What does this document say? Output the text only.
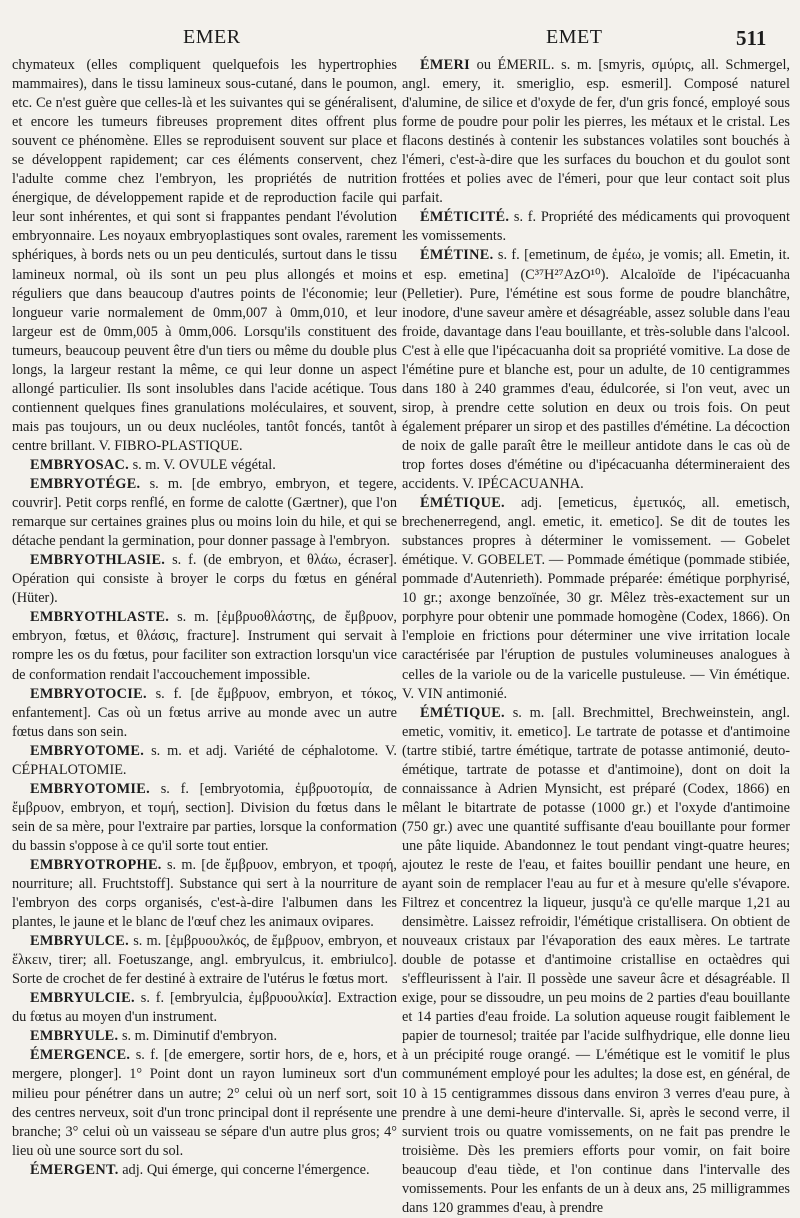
EMER	EMET	511

chymateux (elles compliquent quelquefois les hypertrophies mammaires), dans le tissu lamineux sous-cutané, dans le poumon, etc. Ce n'est guère que celles-là et les suivantes qui se généralisent, et encore les tumeurs fibreuses proprement dites offrent plus souvent ce phénomène. Elles se reproduisent souvent sur place et se développent rapidement; car ces éléments conservent, chez l'adulte comme chez l'embryon, les propriétés de nutrition énergique, de développement rapide et de reproduction facile qui leur sont inhérentes, et qui sont si frappantes pendant l'évolution embryonnaire. Les noyaux embryoplastiques sont ovales, rarement sphériques, à bords nets ou un peu denticulés, surtout dans le tissu lamineux normal, où ils sont un peu plus allongés et moins réguliers que dans beaucoup d'autres points de l'économie; leur longueur varie normalement de 0mm,007 à 0mm,010, et leur largeur est de 0mm,005 à 0mm,006. Lorsqu'ils constituent des tumeurs, beaucoup peuvent être d'un tiers ou même du double plus longs, la largeur restant la même, ce qui leur donne un aspect allongé particulier. Ils sont insolubles dans l'acide acétique. Tous contiennent quelques fines granulations moléculaires, et souvent, mais pas toujours, un ou deux nucléoles, tantôt foncés, tantôt à centre brillant. V. FIBRO-PLASTIQUE.

EMBRYOSAC. s. m. V. OVULE végétal.

EMBRYOTÉGE. s. m. [de embryo, embryon, et tegere, couvrir]. Petit corps renflé, en forme de calotte (Gærtner), que l'on remarque sur certaines graines plus ou moins loin du hile, et qui se détache pendant la germination, pour donner passage à l'embryon.

EMBRYOTHLASIE. s. f. (de embryon, et θλάω, écraser]. Opération qui consiste à broyer le corps du fœtus en général (Hüter).

EMBRYOTHLASTE. s. m. [ἐμβρυοθλάστης, de ἔμβρυον, embryon, fœtus, et θλάσις, fracture]. Instrument qui servait à rompre les os du fœtus, pour faciliter son extraction lorsqu'un vice de conformation rendait l'accouchement impossible.

EMBRYOTOCIE. s. f. [de ἔμβρυον, embryon, et τόκος, enfantement]. Cas où un fœtus arrive au monde avec un autre fœtus dans son sein.

EMBRYOTOME. s. m. et adj. Variété de céphalotome. V. CÉPHALOTOMIE.

EMBRYOTOMIE. s. f. [embryotomia, ἐμβρυοτομία, de ἔμβρυον, embryon, et τομή, section]. Division du fœtus dans le sein de sa mère, pour l'extraire par parties, lorsque la conformation du bassin s'oppose à ce qu'il sorte tout entier.

EMBRYOTROPHE. s. m. [de ἔμβρυον, embryon, et τροφή, nourriture; all. Fruchtstoff]. Substance qui sert à la nourriture de l'embryon des corps organisés, c'est-à-dire l'albumen dans les plantes, le jaune et le blanc de l'œuf chez les animaux ovipares.

EMBRYULCE. s. m. [ἐμβρυουλκός, de ἔμβρυον, embryon, et ἕλκειν, tirer; all. Foetuszange, angl. embryulcus, it. embriulco]. Sorte de crochet de fer destiné à extraire de l'utérus le fœtus mort.

EMBRYULCIE. s. f. [embryulcia, ἐμβρυουλκία]. Extraction du fœtus au moyen d'un instrument.

EMBRYULE. s. m. Diminutif d'embryon.

ÉMERGENCE. s. f. [de emergere, sortir hors, de e, hors, et mergere, plonger]. 1° Point dont un rayon lumineux sort d'un milieu pour pénétrer dans un autre; 2° celui où un nerf sort, soit des centres nerveux, soit d'un tronc principal dont il représente une branche; 3° celui où un vaisseau se sépare d'un autre plus gros; 4° lieu où une source sort du sol.

ÉMERGENT. adj. Qui émerge, qui concerne l'émergence.

ÉMERI ou ÉMERIL. s. m. [smyris, σμύρις, all. Schmergel, angl. emery, it. smeriglio, esp. esmeril]. Composé naturel d'alumine, de silice et d'oxyde de fer, d'un gris foncé, employé sous forme de poudre pour polir les pierres, les métaux et le cristal. Les flacons destinés à contenir les substances volatiles sont bouchés à l'émeri, c'est-à-dire que les surfaces du bouchon et du goulot sont frottées et polies avec de l'émeri, pour que leur contact soit plus parfait.

ÉMÉTICITÉ. s. f. Propriété des médicaments qui provoquent les vomissements.

ÉMÉTINE. s. f. [emetinum, de ἐμέω, je vomis; all. Emetin, it. et esp. emetina] (C³⁷H²⁷AzO¹⁰). Alcaloïde de l'ipécacuanha (Pelletier). Pure, l'émétine est sous forme de poudre blanchâtre, inodore, d'une saveur amère et désagréable, assez soluble dans l'eau froide, davantage dans l'eau bouillante, et très-soluble dans l'alcool. C'est à elle que l'ipécacuanha doit sa propriété vomitive. La dose de l'émétine pure et blanche est, pour un adulte, de 10 centigrammes dans 180 à 240 grammes d'eau, édulcorée, si l'on veut, avec un sirop, à prendre cette solution en deux ou trois fois. On peut également préparer un sirop et des pastilles d'émétine. La décoction de noix de galle paraît être le meilleur antidote dans le cas où de trop fortes doses d'émétine ou d'ipécacuanha détermineraient des accidents. V. IPÉCACUANHA.

ÉMÉTIQUE. adj. [emeticus, ἐμετικός, all. emetisch, brechenerregend, angl. emetic, it. emetico]. Se dit de toutes les substances propres à déterminer le vomissement. — Gobelet émétique. V. GOBELET. — Pommade émétique (pommade stibiée, pommade d'Autenrieth). Pommade préparée: émétique porphyrisé, 10 gr.; axonge benzoïnée, 30 gr. Mêlez très-exactement sur un porphyre pour obtenir une pommade homogène (Codex, 1866). On l'emploie en frictions pour déterminer une vive irritation locale caractérisée par l'éruption de pustules volumineuses analogues à celles de la variole ou de la varicelle pustuleuse. — Vin émétique. V. VIN antimonié.

ÉMÉTIQUE. s. m. [all. Brechmittel, Brechweinstein, angl. emetic, vomitiv, it. emetico]. Le tartrate de potasse et d'antimoine (tartre stibié, tartre émétique, tartrate de potasse antimonié, deuto-émétique, tartrate de potasse et d'antimoine), dont on doit la connaissance à Adrien Mynsicht, est préparé (Codex, 1866) en mêlant le bitartrate de potasse (1000 gr.) et l'oxyde d'antimoine (750 gr.) avec une quantité suffisante d'eau bouillante pour former une pâte liquide. Abandonnez le tout pendant vingt-quatre heures; ajoutez le reste de l'eau, et faites bouillir pendant une heure, en ayant soin de remplacer l'eau au fur et à mesure qu'elle s'évapore. Filtrez et concentrez la liqueur, jusqu'à ce qu'elle marque 1,21 au densimètre. Laissez refroidir, l'émétique cristallisera. On obtient de nouveaux cristaux par l'évaporation des eaux mères. Le tartrate double de potasse et d'antimoine cristallise en octaèdres qui s'effleurissent à l'air. Il possède une saveur âcre et désagréable. Il exige, pour se dissoudre, un peu moins de 2 parties d'eau bouillante et 14 parties d'eau froide. La solution aqueuse rougit faiblement le papier de tournesol; traitée par l'acide sulfhydrique, elle donne lieu à un précipité rouge orangé. — L'émétique est le vomitif le plus communément employé pour les adultes; la dose est, en général, de 10 à 15 centigrammes dissous dans environ 3 verres d'eau pure, à prendre à une demi-heure d'intervalle. Si, après le second verre, il survient trois ou quatre vomissements, on ne fait pas prendre le troisième. Dès les premiers efforts pour vomir, on fait boire beaucoup d'eau tiède, et l'on continue dans l'intervalle des vomissements. Pour les enfants de un à deux ans, 25 milligrammes dans 120 grammes d'eau, à prendre
